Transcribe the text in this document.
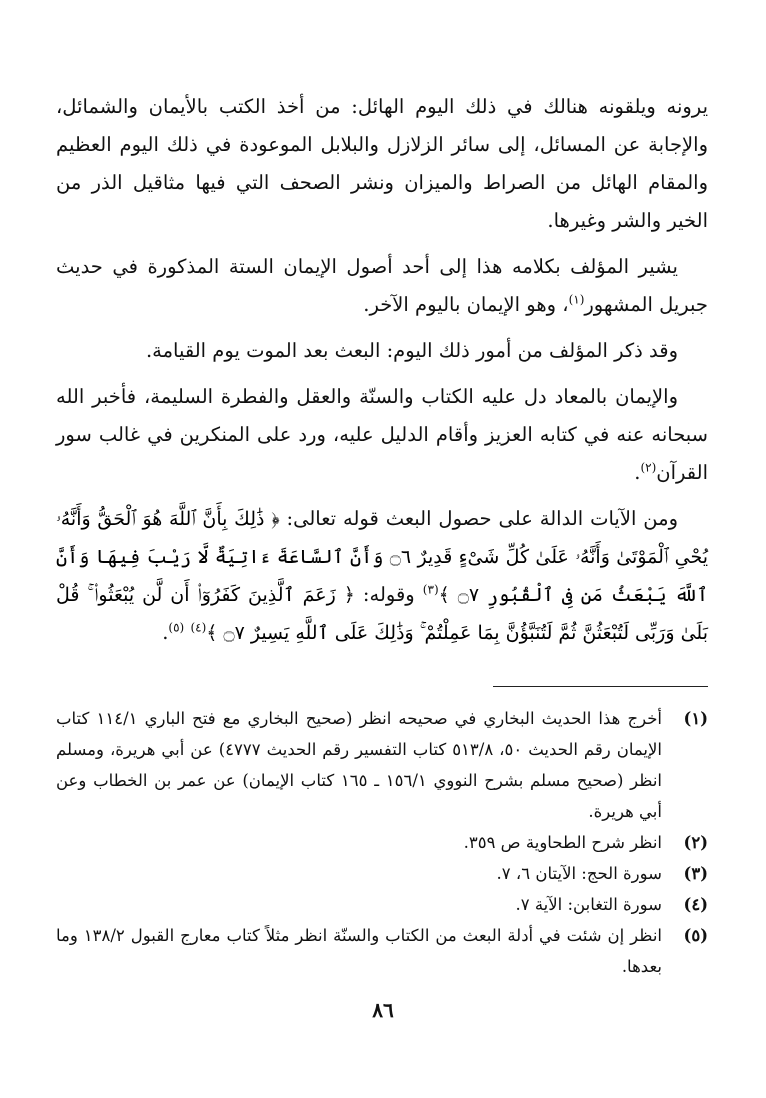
يرونه ويلقونه هنالك في ذلك اليوم الهائل: من أخذ الكتب بالأيمان والشمائل، والإجابة عن المسائل، إلى سائر الزلازل والبلابل الموعودة في ذلك اليوم العظيم والمقام الهائل من الصراط والميزان ونشر الصحف التي فيها مثاقيل الذر من الخير والشر وغيرها.

يشير المؤلف بكلامه هذا إلى أحد أصول الإيمان الستة المذكورة في حديث جبريل المشهور$^{(١)}$، وهو الإيمان باليوم الآخر.

وقد ذكر المؤلف من أمور ذلك اليوم: البعث بعد الموت يوم القيامة.

والإيمان بالمعاد دل عليه الكتاب والسنّة والعقل والفطرة السليمة، فأخبر الله سبحانه عنه في كتابه العزيز وأقام الدليل عليه، ورد على المنكرين في غالب سور القرآن$^{(٢)}$.

ومن الآيات الدالة على حصول البعث قوله تعالى: ﴿ ذَٰلِكَ بِأَنَّ ٱللَّهَ هُوَ ٱلْحَقُّ وَأَنَّهُۥ يُحْىِ ٱلْمَوْتَىٰ وَأَنَّهُۥ عَلَىٰ كُلِّ شَىْءٍ قَدِيرٌ ۝٦ وَأَنَّ ٱلسَّاعَةَ ءَاتِيَةٌ لَّا رَيْبَ فِيهَا وَأَنَّ ٱللَّهَ يَبْعَثُ مَن فِى ٱلْقُبُورِ ۝٧ ﴾$^{(٣)}$ وقوله: ﴿ زَعَمَ ٱلَّذِينَ كَفَرُوٓا۟ أَن لَّن يُبْعَثُوا۟ ۚ قُلْ بَلَىٰ وَرَبِّى لَتُبْعَثُنَّ ثُمَّ لَتُنَبَّؤُنَّ بِمَا عَمِلْتُمْ ۚ وَذَٰلِكَ عَلَى ٱللَّهِ يَسِيرٌ ۝٧ ﴾$^{(٤)}$ $^{(٥)}$.

(١)
أخرج هذا الحديث البخاري في صحيحه انظر (صحيح البخاري مع فتح الباري ١١٤/١ كتاب الإيمان رقم الحديث ٥٠، ٥١٣/٨ كتاب التفسير رقم الحديث ٤٧٧٧) عن أبي هريرة، ومسلم انظر (صحيح مسلم بشرح النووي ١٥٦/١ ـ ١٦٥ كتاب الإيمان) عن عمر بن الخطاب وعن أبي هريرة.
(٢)
انظر شرح الطحاوية ص ٣٥٩.
(٣)
سورة الحج: الآيتان ٦، ٧.
(٤)
سورة التغابن: الآية ٧.
(٥)
انظر إن شئت في أدلة البعث من الكتاب والسنّة انظر مثلاً كتاب معارج القبول ١٣٨/٢ وما بعدها.
٨٦
